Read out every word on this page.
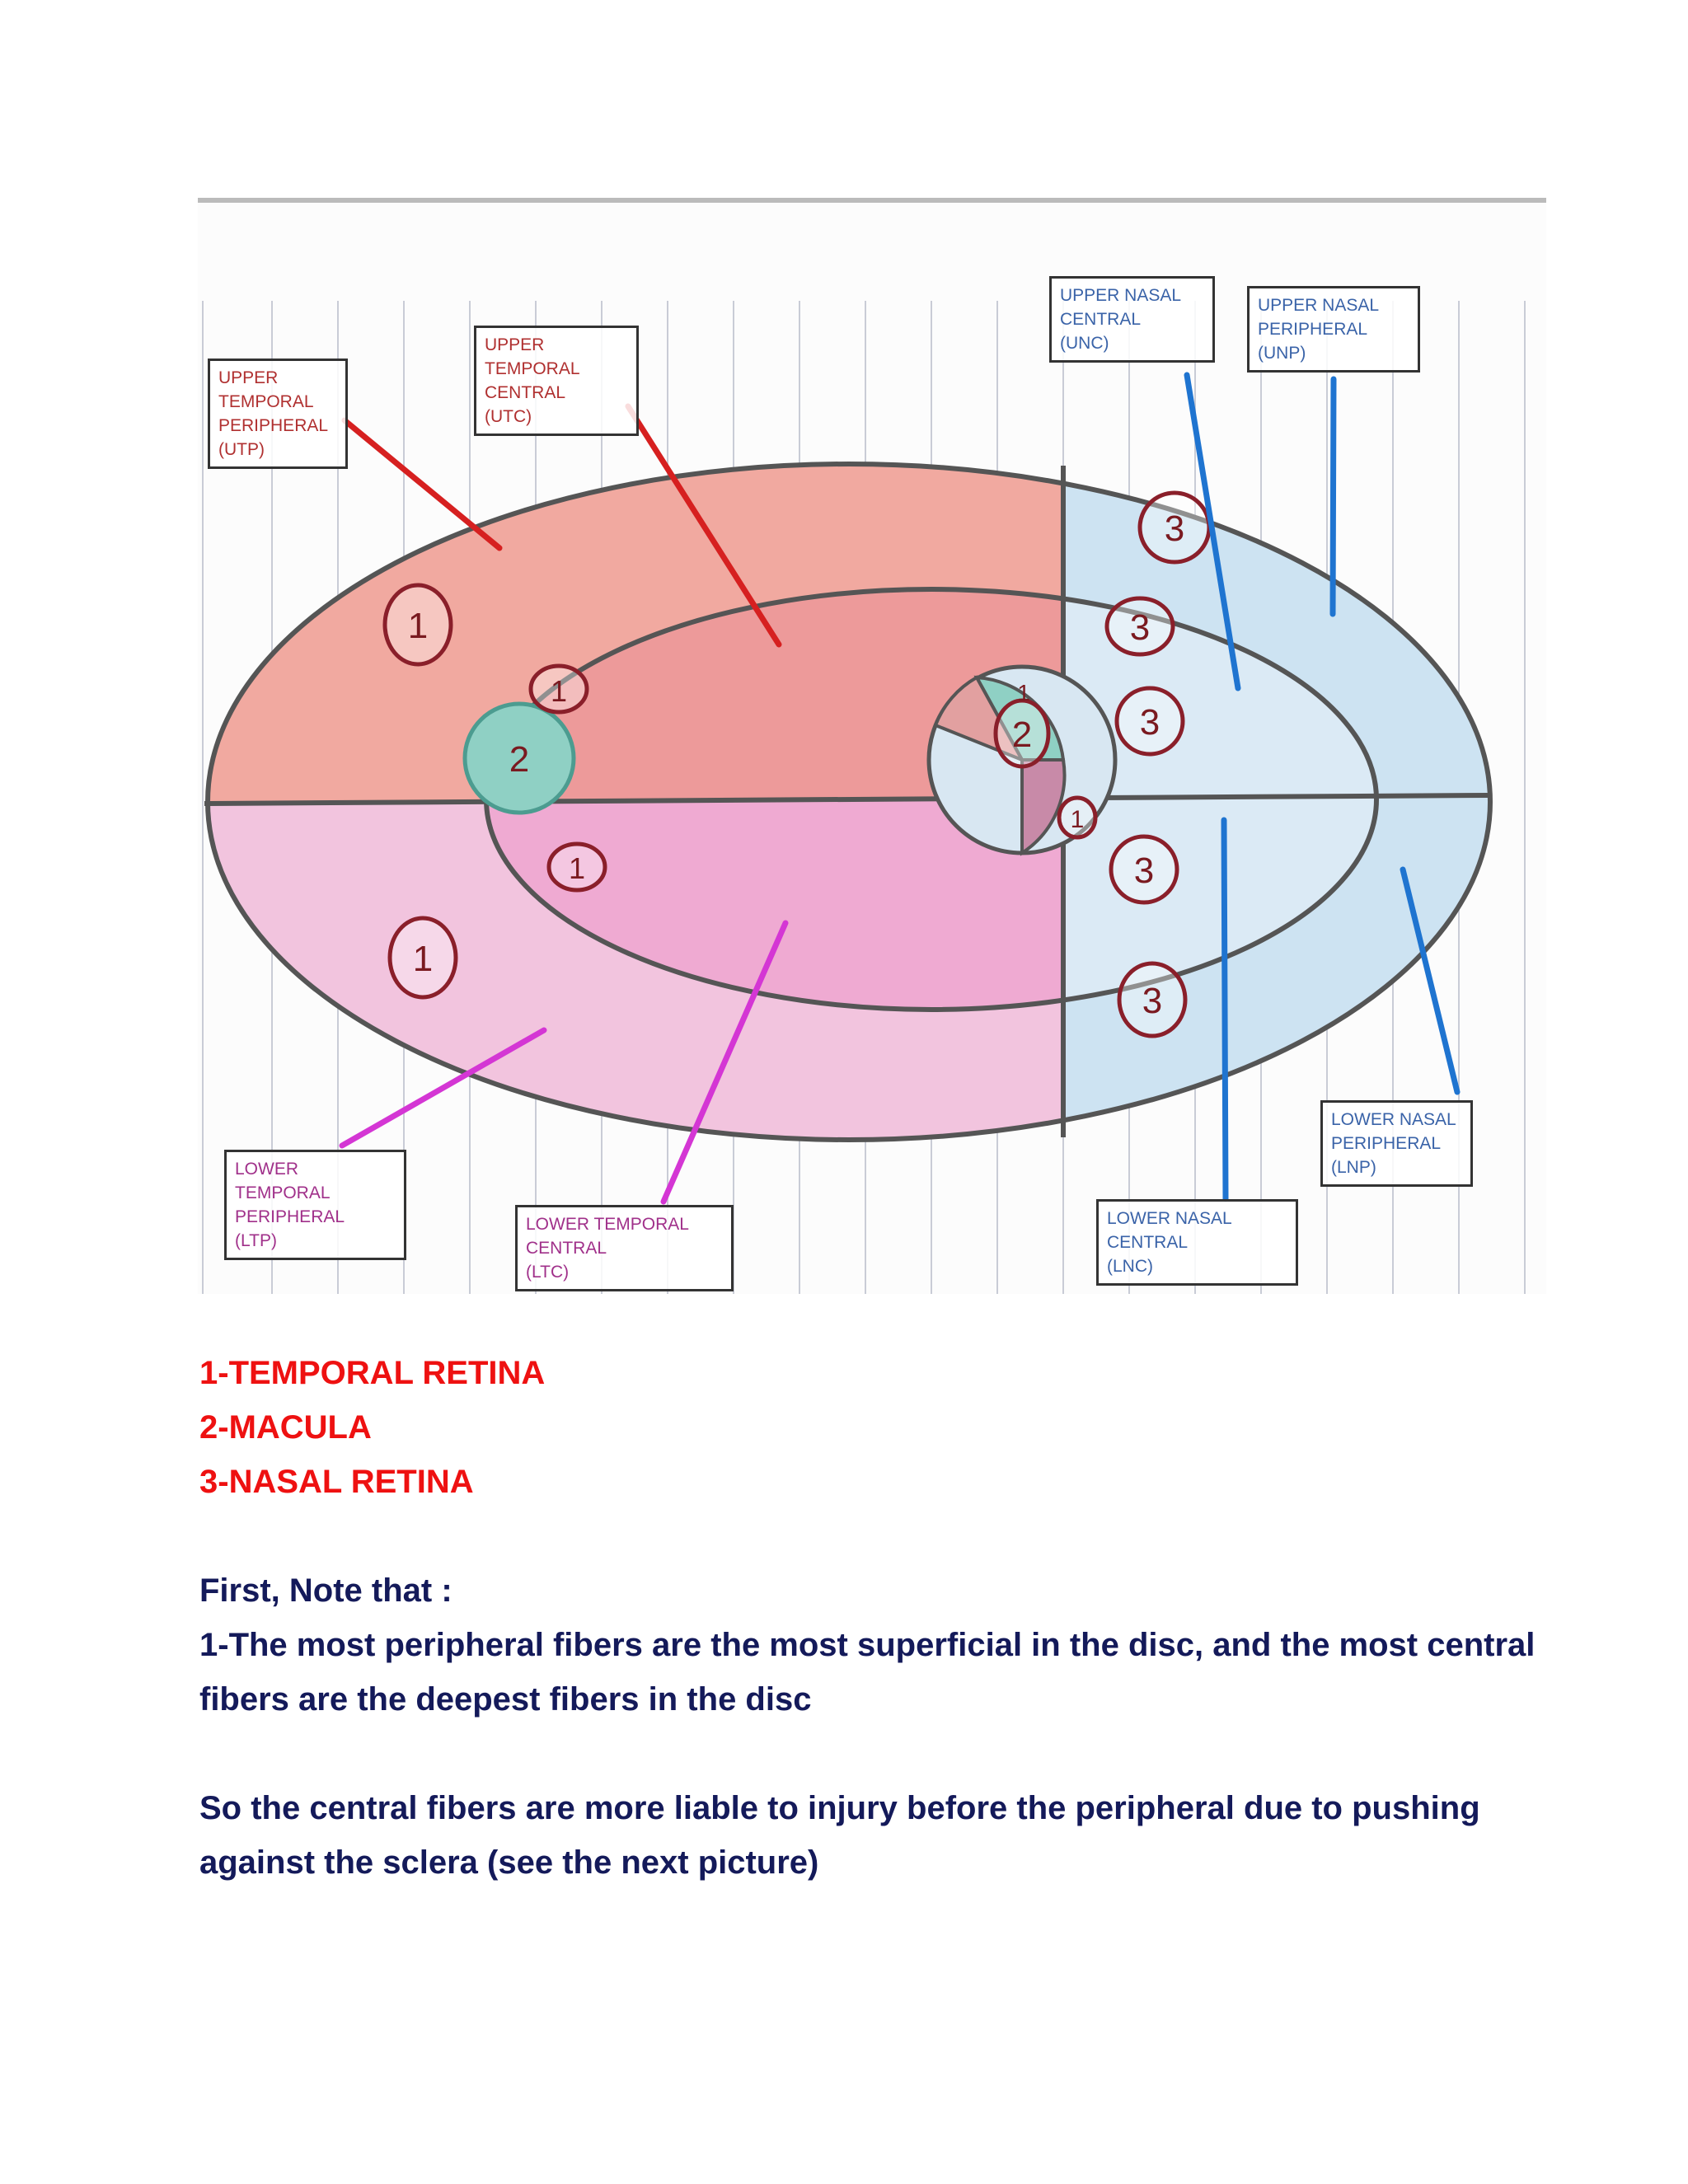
1
1
1
1
2
2
1
1
3
3
3
3
3
UPPER
TEMPORAL
PERIPHERAL
(UTP)
UPPER TEMPORAL
CENTRAL
(UTC)
UPPER NASAL
CENTRAL
(UNC)
UPPER NASAL
PERIPHERAL
(UNP)
LOWER TEMPORAL
PERIPHERAL
(LTP)
LOWER TEMPORAL
CENTRAL
(LTC)
LOWER NASAL
CENTRAL
(LNC)
LOWER NASAL
PERIPHERAL
(LNP)
1-TEMPORAL RETINA
2-MACULA
3-NASAL RETINA

First, Note that :

1-The most peripheral fibers are the most superficial in the disc, and the most central fibers are the deepest fibers in the disc

So the central fibers are more liable to injury before the peripheral due to pushing against the sclera (see the next picture)
